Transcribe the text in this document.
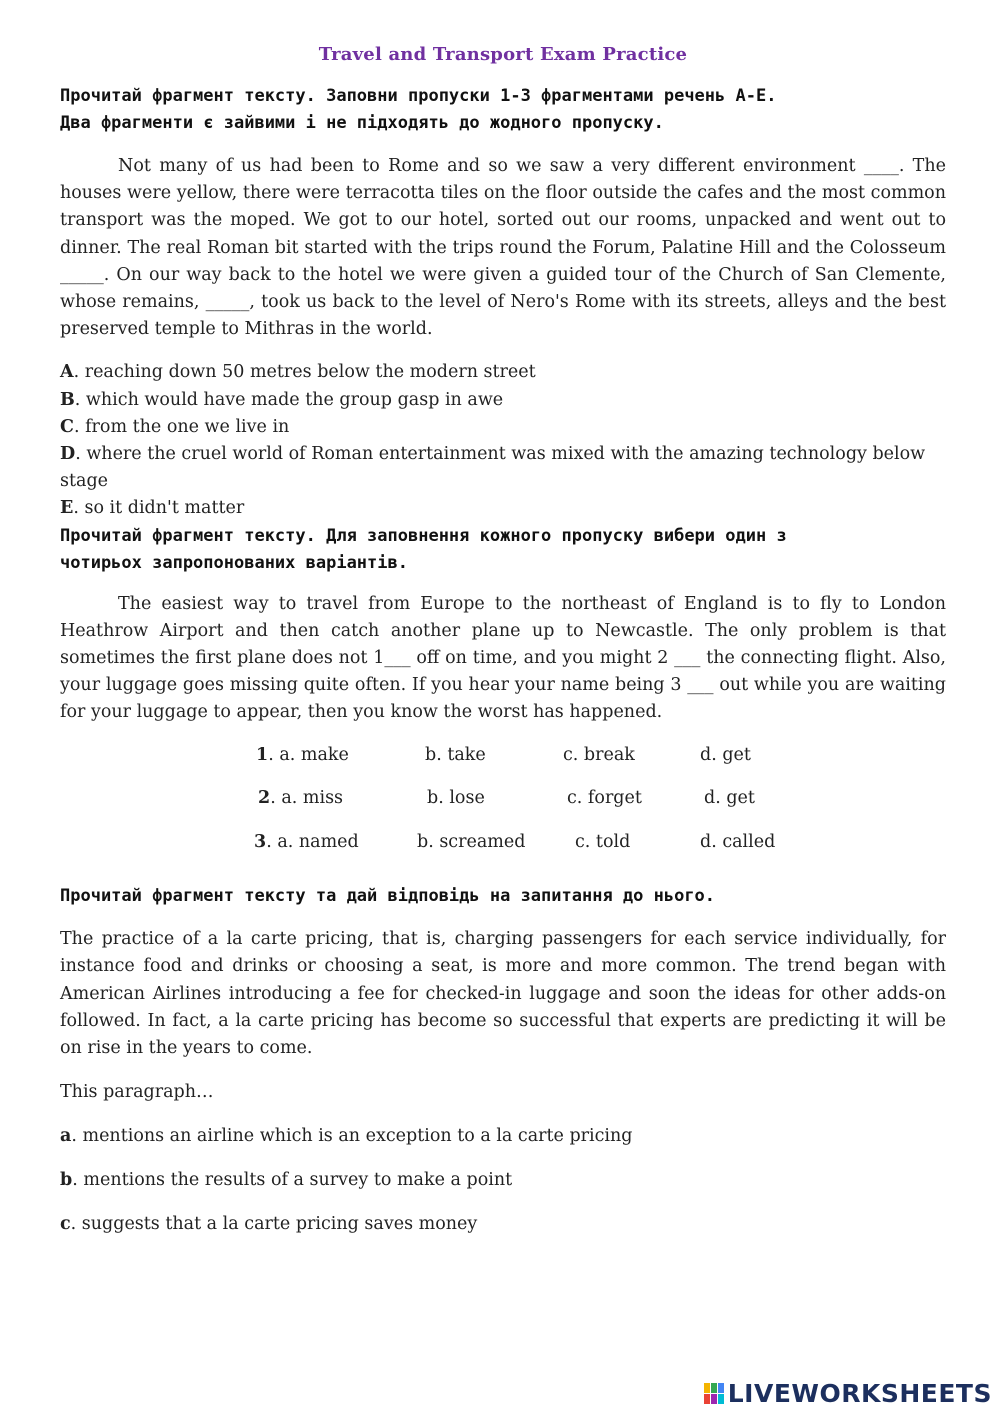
Travel and Transport Exam Practice
Прочитай фрагмент тексту. Заповни пропуски 1-3 фрагментами речень A-E.
Два фрагменти є зайвими і не підходять до жодного пропуску.

Not many of us had been to Rome and so we saw a very different environment ____. The houses were yellow, there were terracotta tiles on the floor outside the cafes and the most common transport was the moped. We got to our hotel, sorted out our rooms, unpacked and went out to dinner. The real Roman bit started with the trips round the Forum, Palatine Hill and the Colosseum _____. On our way back to the hotel we were given a guided tour of the Church of San Clemente, whose remains, _____, took us back to the level of Nero's Rome with its streets, alleys and the best preserved temple to Mithras in the world.

A. reaching down 50 metres below the modern street
B. which would have made the group gasp in awe
C. from the one we live in
D. where the cruel world of Roman entertainment was mixed with the amazing technology below stage
E. so it didn't matter
Прочитай фрагмент тексту. Для заповнення кожного пропуску вибери один з
чотирьох запропонованих варіантів.

The easiest way to travel from Europe to the northeast of England is to fly to London Heathrow Airport and then catch another plane up to Newcastle. The only problem is that sometimes the first plane does not 1___ off on time, and you might 2 ___ the connecting flight. Also, your luggage goes missing quite often. If you hear your name being 3 ___ out while you are waiting for your luggage to appear, then you know the worst has happened.

1 . a. make	b. take	c. break	d. get
2 . a. miss	b. lose	c. forget	d. get
3 . a. named	b. screamed	c. told	d. called
Прочитай фрагмент тексту та дай відповідь на запитання до нього.

The practice of a la carte pricing, that is, charging passengers for each service individually, for instance food and drinks or choosing a seat, is more and more common. The trend began with American Airlines introducing a fee for checked-in luggage and soon the ideas for other adds-on followed. In fact, a la carte pricing has become so successful that experts are predicting it will be on rise in the years to come.

This paragraph…

a. mentions an airline which is an exception to a la carte pricing

b. mentions the results of a survey to make a point

c. suggests that a la carte pricing saves money

LIVEWORKSHEETS
